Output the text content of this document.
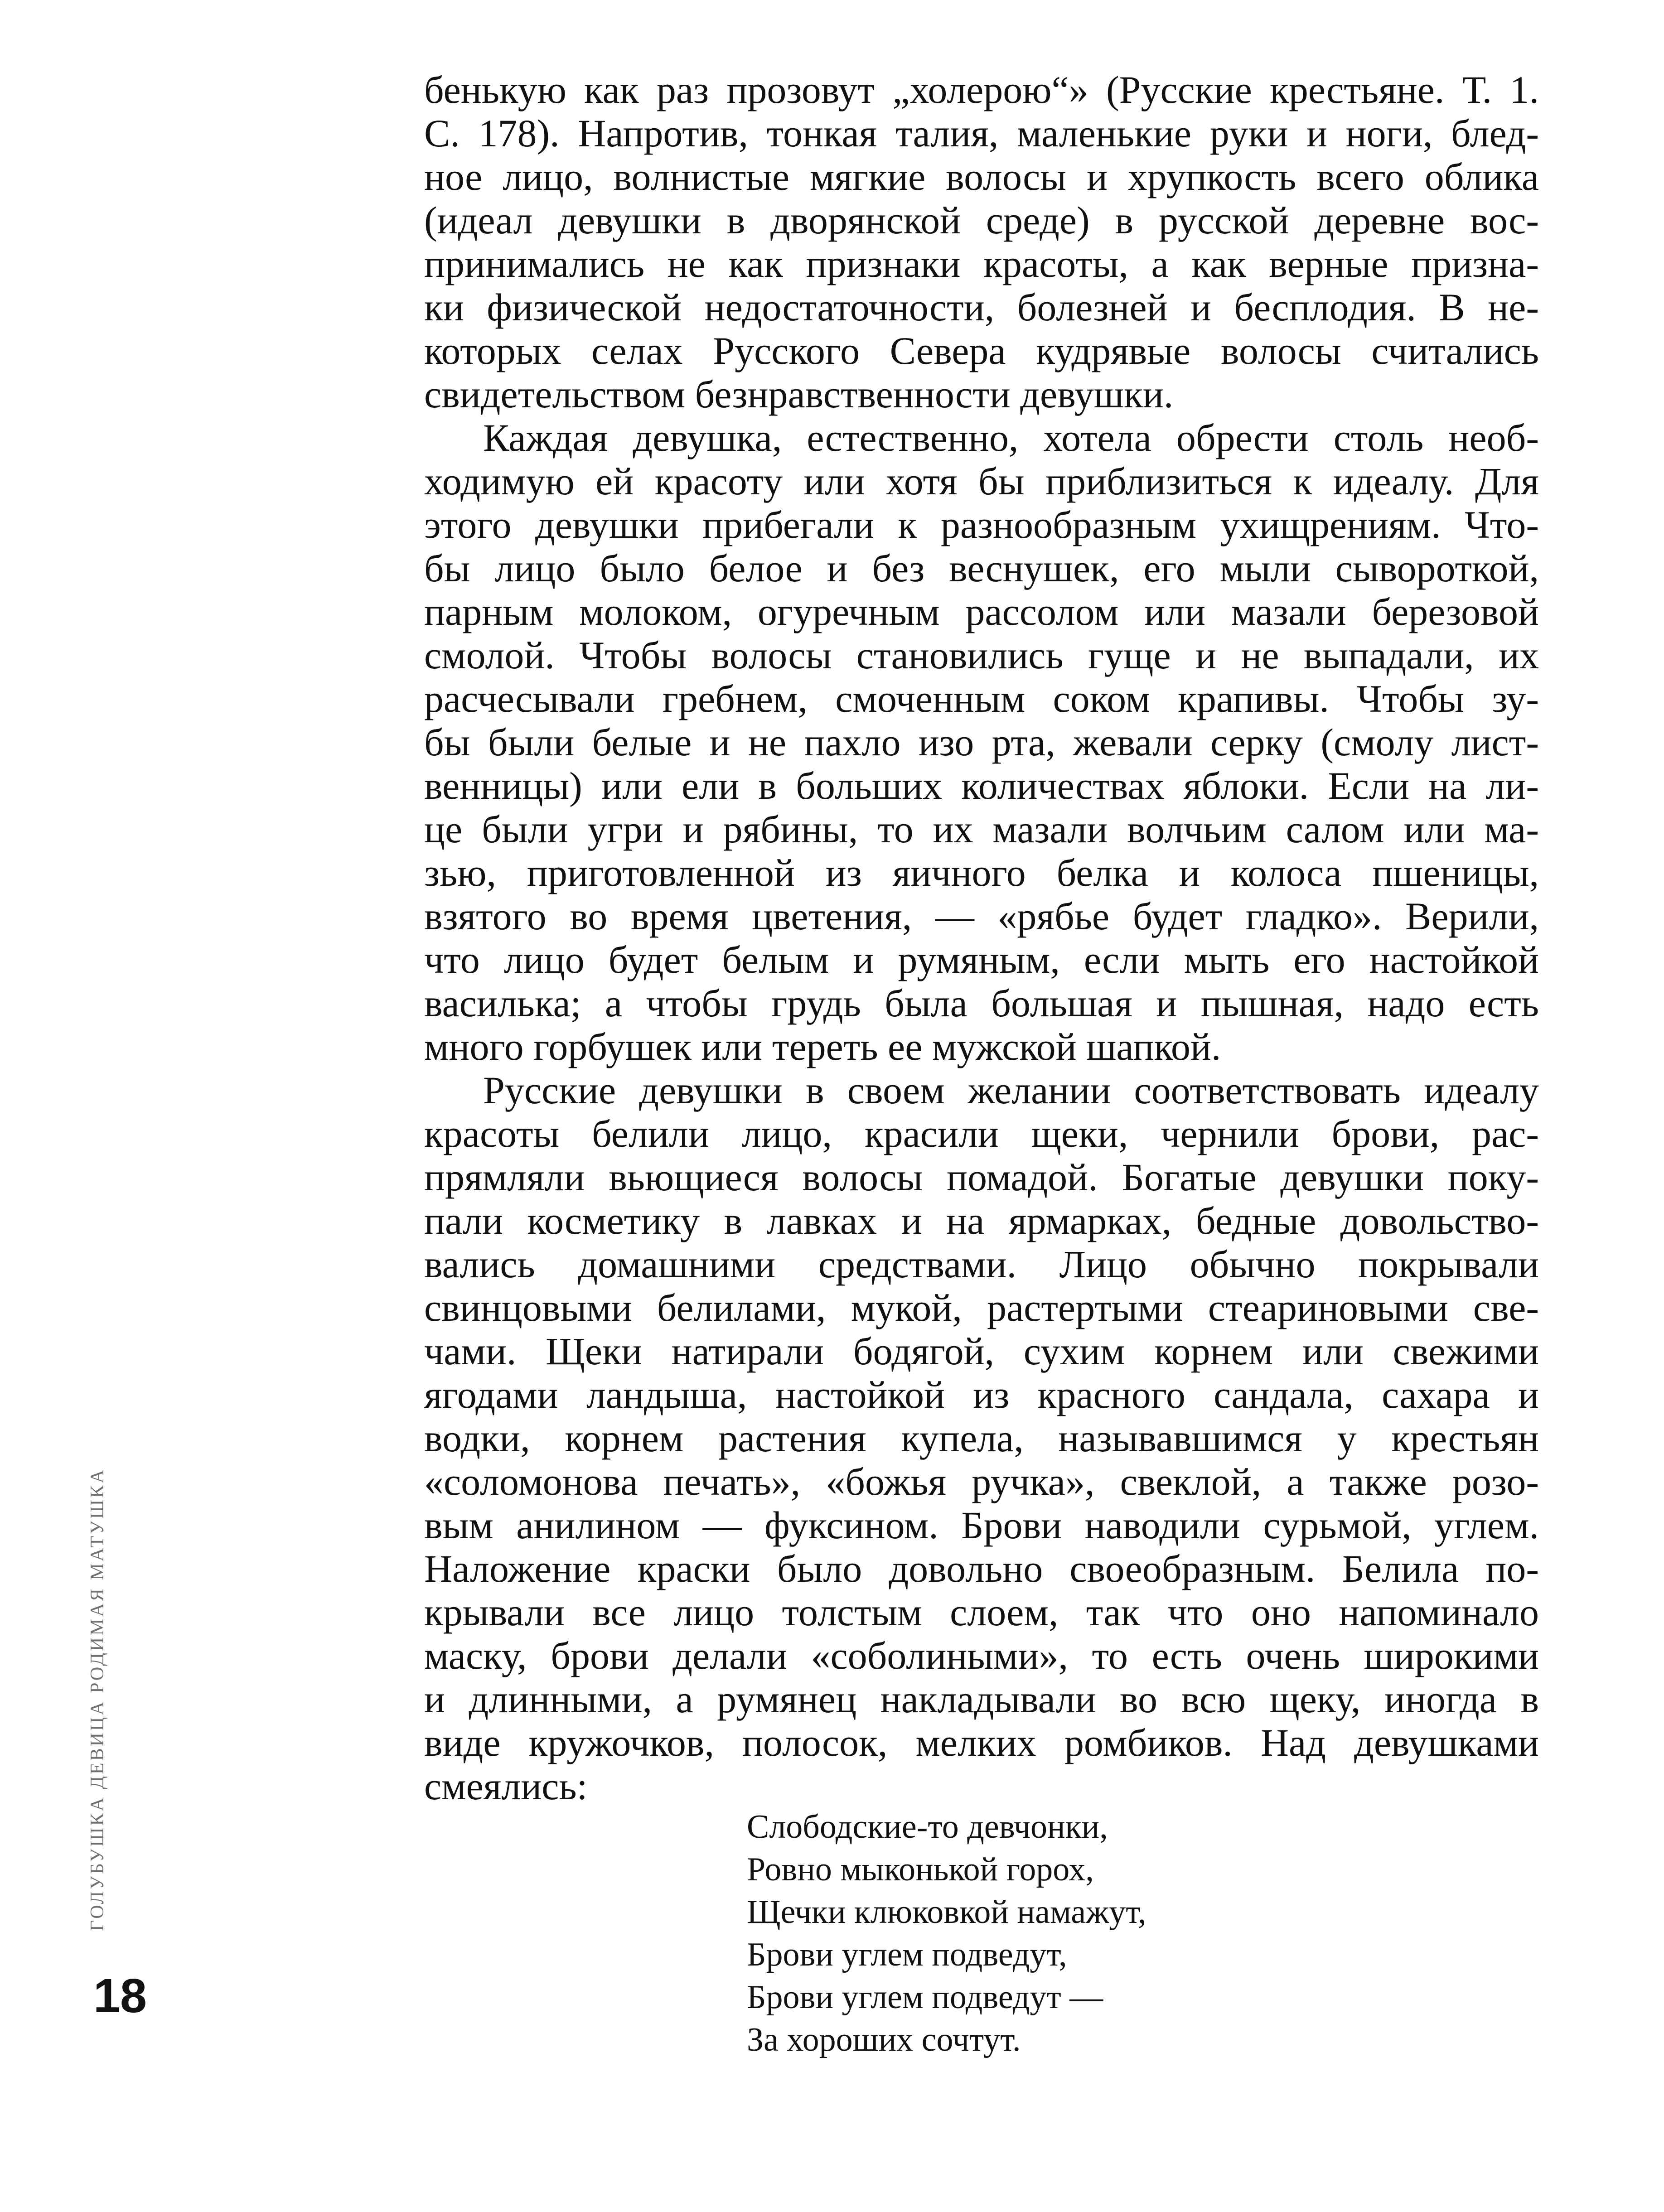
бенькую как раз прозовут „холерою“» (Русские крестьяне. Т. 1.
С. 178). Напротив, тонкая талия, маленькие руки и ноги, блед-
ное лицо, волнистые мягкие волосы и хрупкость всего облика
(идеал девушки в дворянской среде) в русской деревне вос-
принимались не как признаки красоты, а как верные призна-
ки физической недостаточности, болезней и бесплодия. В не-
которых селах Русского Севера кудрявые волосы считались
свидетельством безнравственности девушки.
Каждая девушка, естественно, хотела обрести столь необ-
ходимую ей красоту или хотя бы приблизиться к идеалу. Для
этого девушки прибегали к разнообразным ухищрениям. Что-
бы лицо было белое и без веснушек, его мыли сывороткой,
парным молоком, огуречным рассолом или мазали березовой
смолой. Чтобы волосы становились гуще и не выпадали, их
расчесывали гребнем, смоченным соком крапивы. Чтобы зу-
бы были белые и не пахло изо рта, жевали серку (смолу лист-
венницы) или ели в больших количествах яблоки. Если на ли-
це были угри и рябины, то их мазали волчьим салом или ма-
зью, приготовленной из яичного белка и колоса пшеницы,
взятого во время цветения, — «рябье будет гладко». Верили,
что лицо будет белым и румяным, если мыть его настойкой
василька; а чтобы грудь была большая и пышная, надо есть
много горбушек или тереть ее мужской шапкой.
Русские девушки в своем желании соответствовать идеалу
красоты белили лицо, красили щеки, чернили брови, рас-
прямляли вьющиеся волосы помадой. Богатые девушки поку-
пали косметику в лавках и на ярмарках, бедные довольство-
вались домашними средствами. Лицо обычно покрывали
свинцовыми белилами, мукой, растертыми стеариновыми све-
чами. Щеки натирали бодягой, сухим корнем или свежими
ягодами ландыша, настойкой из красного сандала, сахара и
водки, корнем растения купела, называвшимся у крестьян
«соломонова печать», «божья ручка», свеклой, а также розо-
вым анилином — фуксином. Брови наводили сурьмой, углем.
Наложение краски было довольно своеобразным. Белила по-
крывали все лицо толстым слоем, так что оно напоминало
маску, брови делали «соболиными», то есть очень широкими
и длинными, а румянец накладывали во всю щеку, иногда в
виде кружочков, полосок, мелких ромбиков. Над девушками
смеялись:
Слободские-то девчонки,
Ровно мыконькой горох,
Щечки клюковкой намажут,
Брови углем подведут,
Брови углем подведут —
За хороших сочтут.
ГОЛУБУШКА ДЕВИЦА РОДИМАЯ МАТУШКА
18
